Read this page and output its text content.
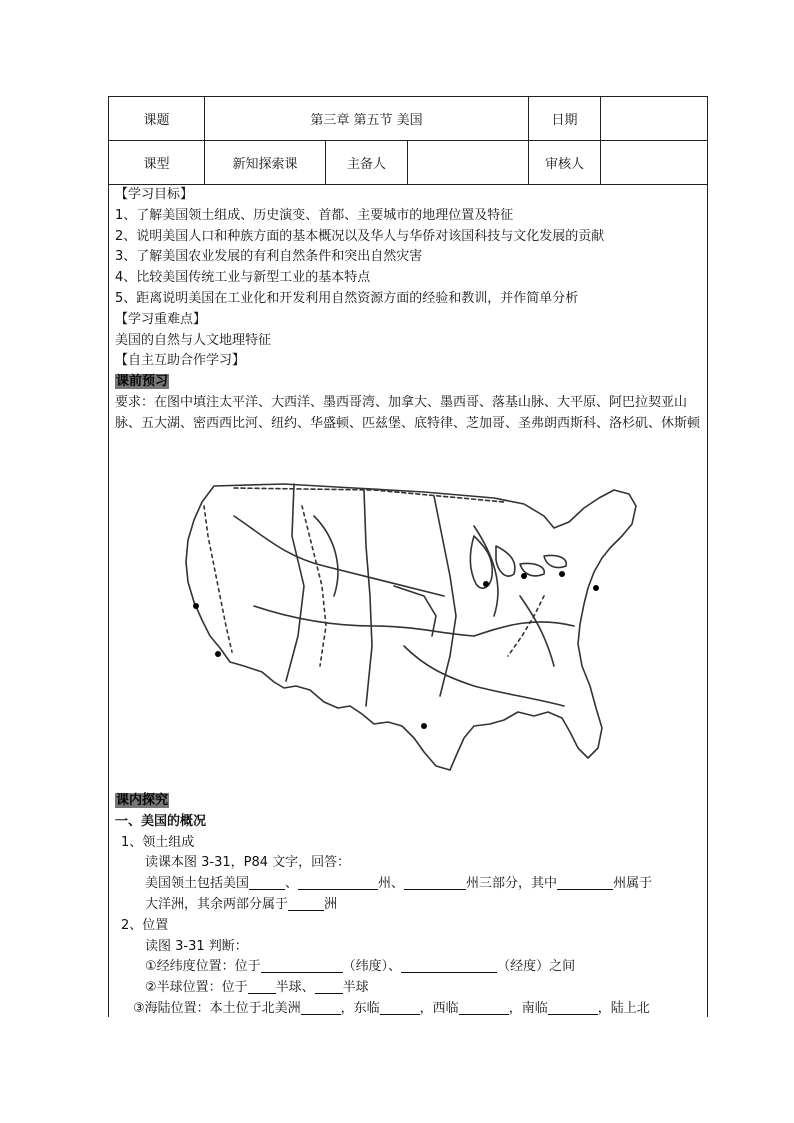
课题	第三章 第五节 美国			日期	
课型	新知探索课	主备人		审核人	
【学习目标】
1、了解美国领土组成、历史演变、首都、主要城市的地理位置及特征
2、说明美国人口和种族方面的基本概况以及华人与华侨对该国科技与文化发展的贡献
3、了解美国农业发展的有利自然条件和突出自然灾害
4、比较美国传统工业与新型工业的基本特点
5、距离说明美国在工业化和开发利用自然资源方面的经验和教训，并作简单分析
【学习重难点】
美国的自然与人文地理特征
【自主互助合作学习】
课前预习
要求：在图中填注太平洋、大西洋、墨西哥湾、加拿大、墨西哥、落基山脉、大平原、阿巴拉契亚山脉、五大湖、密西西比河、纽约、华盛顿、匹兹堡、底特律、芝加哥、圣弗朗西斯科、洛杉矶、休斯顿
课内探究
一、美国的概况
1、领土组成
读课本图 3-31，P84 文字，回答：
美国领土包括美国	、	州、	州三部分，其中	州属于
大洋洲，其余两部分属于	洲
2、位置
读图 3-31 判断：
①经纬度位置：位于	（纬度）、	（经度）之间
②半球位置：位于 半球、 半球
③海陆位置：本土位于北美洲	，东临	，西临	，南临	，陆上北
